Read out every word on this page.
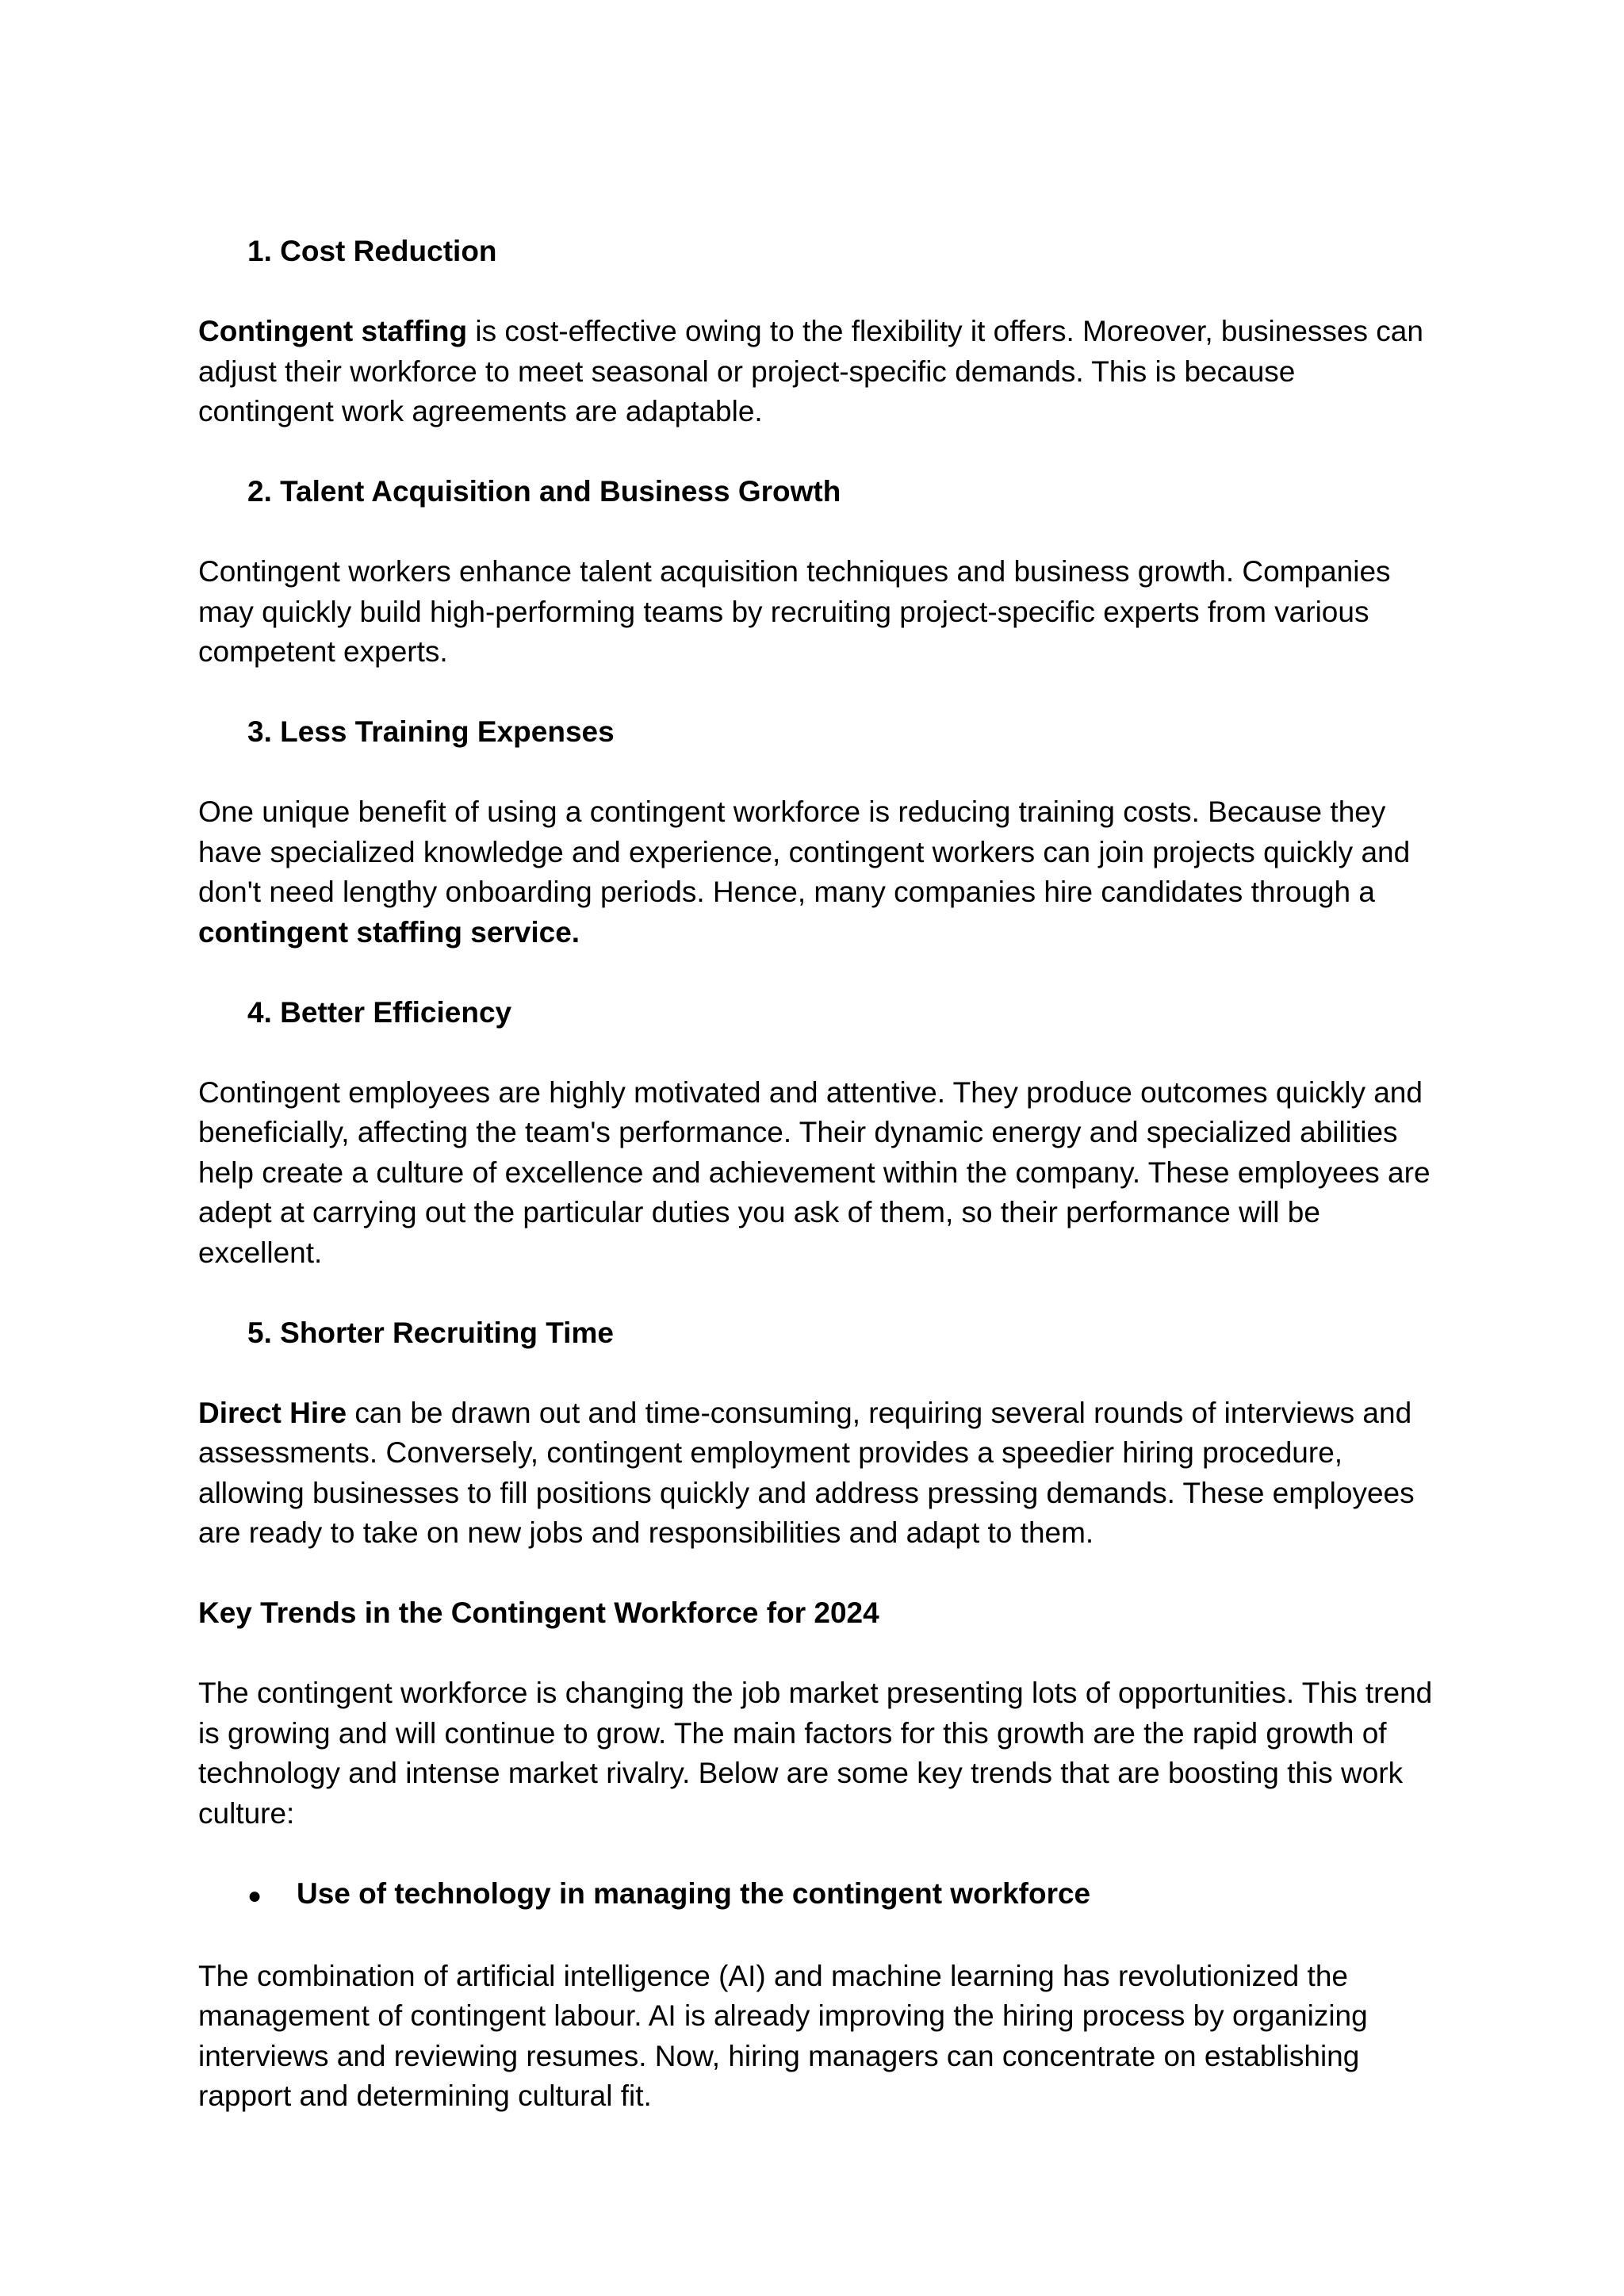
1. Cost Reduction

Contingent staffing is cost-effective owing to the flexibility it offers. Moreover, businesses can adjust their workforce to meet seasonal or project-specific demands. This is because contingent work agreements are adaptable.

2. Talent Acquisition and Business Growth

Contingent workers enhance talent acquisition techniques and business growth. Companies may quickly build high-performing teams by recruiting project-specific experts from various competent experts.

3. Less Training Expenses

One unique benefit of using a contingent workforce is reducing training costs. Because they have specialized knowledge and experience, contingent workers can join projects quickly and don't need lengthy onboarding periods. Hence, many companies hire candidates through a contingent staffing service.

4. Better Efficiency

Contingent employees are highly motivated and attentive. They produce outcomes quickly and beneficially, affecting the team's performance. Their dynamic energy and specialized abilities help create a culture of excellence and achievement within the company. These employees are adept at carrying out the particular duties you ask of them, so their performance will be excellent.

5. Shorter Recruiting Time

Direct Hire can be drawn out and time-consuming, requiring several rounds of interviews and assessments. Conversely, contingent employment provides a speedier hiring procedure, allowing businesses to fill positions quickly and address pressing demands. These employees are ready to take on new jobs and responsibilities and adapt to them.

Key Trends in the Contingent Workforce for 2024

The contingent workforce is changing the job market presenting lots of opportunities. This trend is growing and will continue to grow. The main factors for this growth are the rapid growth of technology and intense market rivalry. Below are some key trends that are boosting this work culture:

●	Use of technology in managing the contingent workforce

The combination of artificial intelligence (AI) and machine learning has revolutionized the management of contingent labour. AI is already improving the hiring process by organizing interviews and reviewing resumes. Now, hiring managers can concentrate on establishing rapport and determining cultural fit.
